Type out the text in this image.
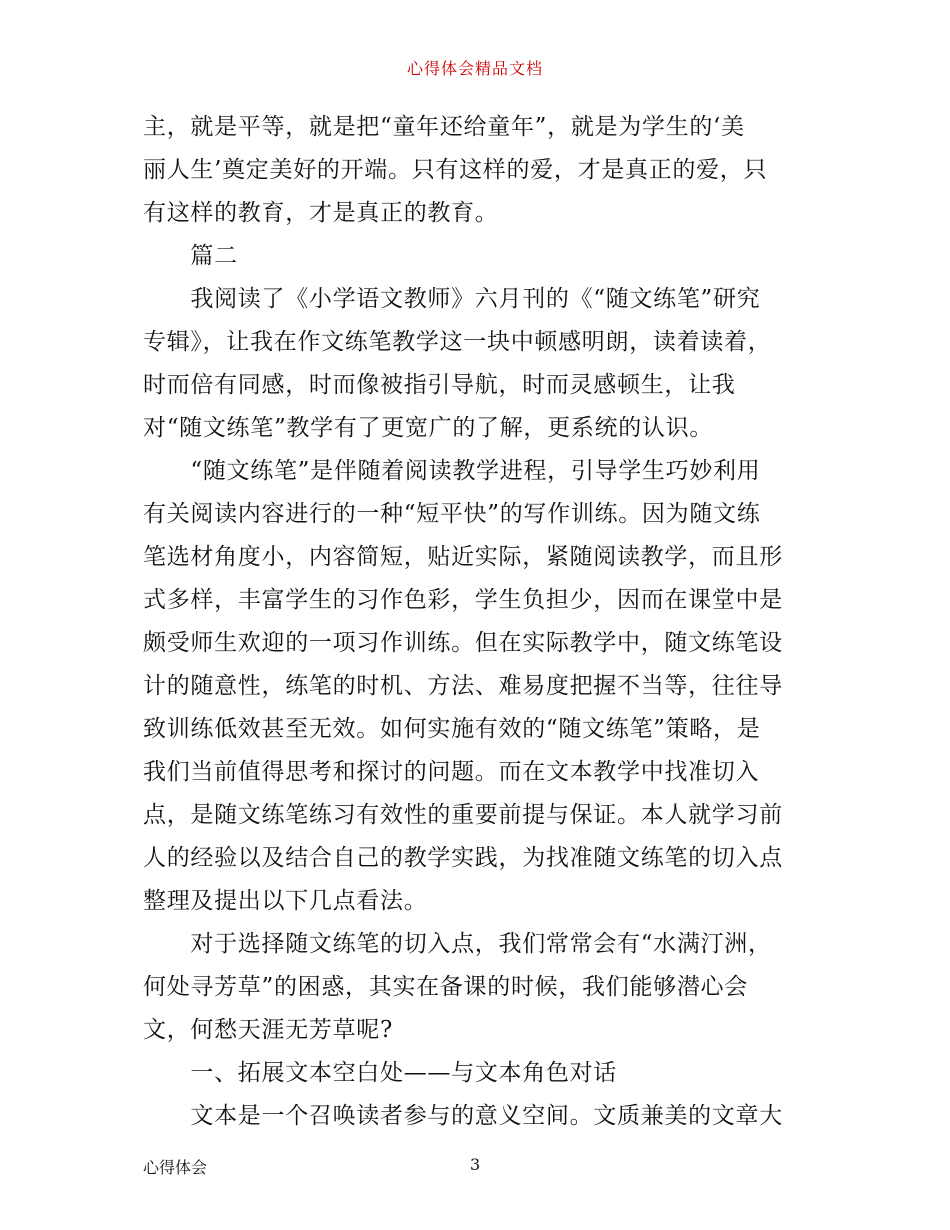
心得体会精品文档
主，就是平等，就是把“童年还给童年”，就是为学生的‘美
丽人生’奠定美好的开端。只有这样的爱，才是真正的爱，只
有这样的教育，才是真正的教育。
　　篇二
　　我阅读了《小学语文教师》六月刊的《“随文练笔”研究
专辑》，让我在作文练笔教学这一块中顿感明朗，读着读着，
时而倍有同感，时而像被指引导航，时而灵感顿生，让我
对“随文练笔”教学有了更宽广的了解，更系统的认识。
　　“随文练笔”是伴随着阅读教学进程，引导学生巧妙利用
有关阅读内容进行的一种“短平快”的写作训练。因为随文练
笔选材角度小，内容简短，贴近实际，紧随阅读教学，而且形
式多样，丰富学生的习作色彩，学生负担少，因而在课堂中是
颇受师生欢迎的一项习作训练。但在实际教学中，随文练笔设
计的随意性，练笔的时机、方法、难易度把握不当等，往往导
致训练低效甚至无效。如何实施有效的“随文练笔”策略，是
我们当前值得思考和探讨的问题。而在文本教学中找准切入
点，是随文练笔练习有效性的重要前提与保证。本人就学习前
人的经验以及结合自己的教学实践，为找准随文练笔的切入点
整理及提出以下几点看法。
　　对于选择随文练笔的切入点，我们常常会有“水满汀洲，
何处寻芳草”的困惑，其实在备课的时候，我们能够潜心会
文，何愁天涯无芳草呢?
　　一、拓展文本空白处——与文本角色对话
　　文本是一个召唤读者参与的意义空间。文质兼美的文章大
心得体会	3
